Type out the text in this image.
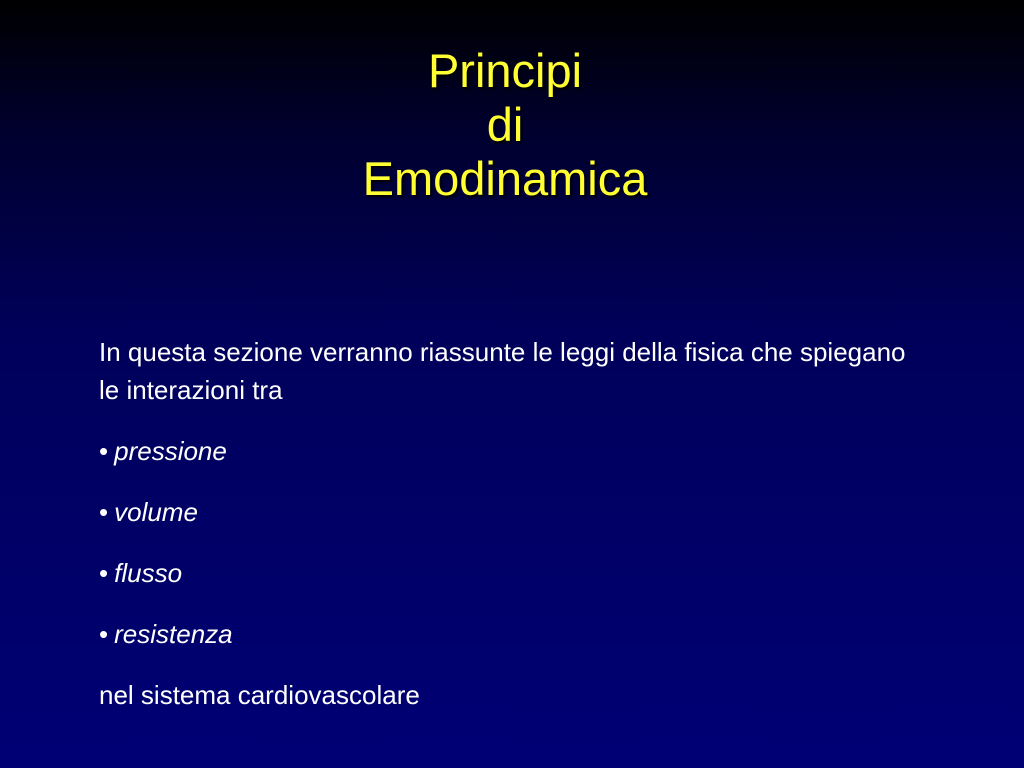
Principi
di
Emodinamica

In questa sezione verranno riassunte le leggi della fisica che spiegano le interazioni tra

• pressione
• volume
• flusso
• resistenza

nel sistema cardiovascolare
